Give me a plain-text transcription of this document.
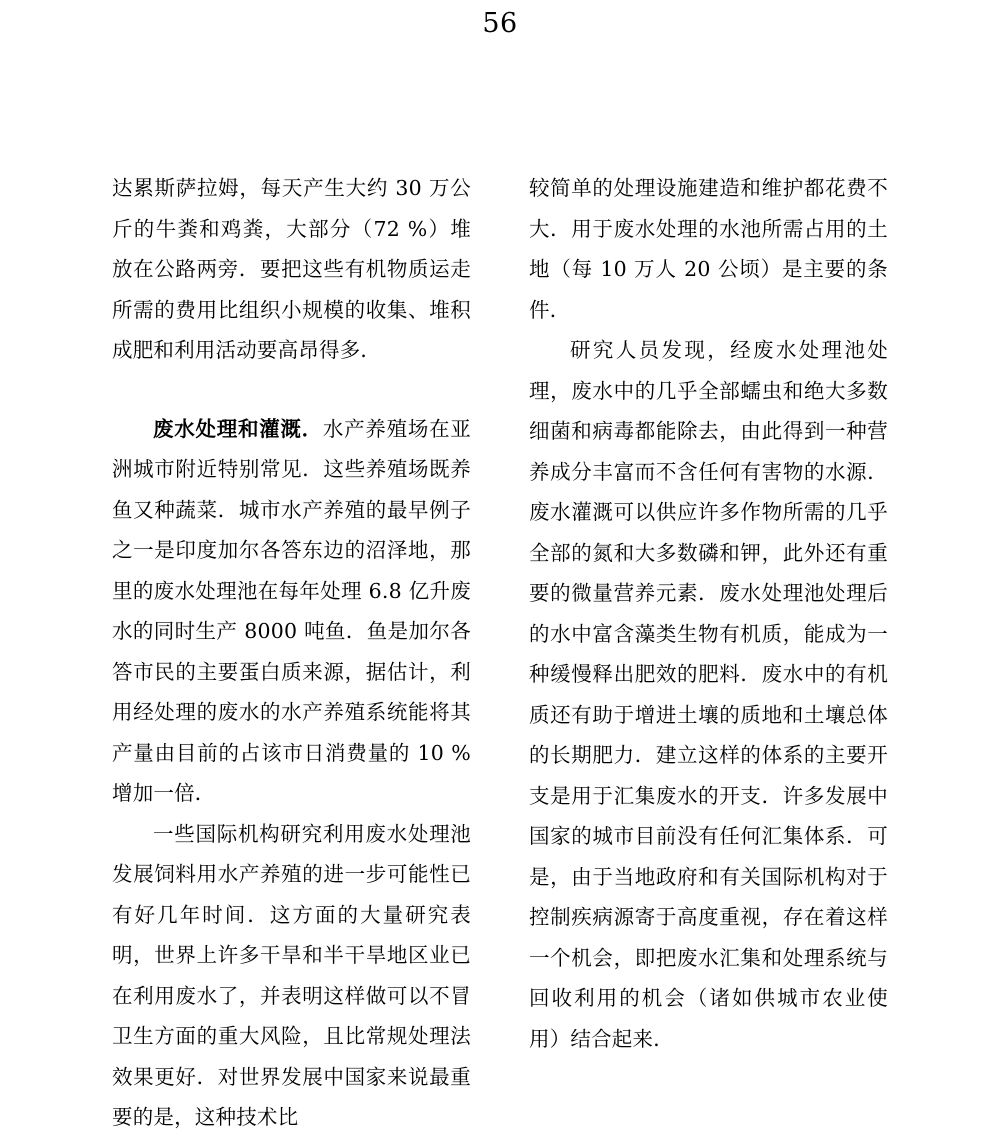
56

达累斯萨拉姆，每天产生大约 30 万公斤的牛粪和鸡粪，大部分（72 %）堆放在公路两旁．要把这些有机物质运走所需的费用比组织小规模的收集、堆积成肥和利用活动要高昂得多．

废水处理和灌溉．水产养殖场在亚洲城市附近特别常见．这些养殖场既养鱼又种蔬菜．城市水产养殖的最早例子之一是印度加尔各答东边的沼泽地，那里的废水处理池在每年处理 6.8 亿升废水的同时生产 8000 吨鱼．鱼是加尔各答市民的主要蛋白质来源，据估计，利用经处理的废水的水产养殖系统能将其产量由目前的占该市日消费量的 10 % 增加一倍．

一些国际机构研究利用废水处理池发展饲料用水产养殖的进一步可能性已有好几年时间．这方面的大量研究表明，世界上许多干旱和半干旱地区业已在利用废水了，并表明这样做可以不冒卫生方面的重大风险，且比常规处理法效果更好．对世界发展中国家来说最重要的是，这种技术比

较简单的处理设施建造和维护都花费不大．用于废水处理的水池所需占用的土地（每 10 万人 20 公顷）是主要的条件．

研究人员发现，经废水处理池处理，废水中的几乎全部蠕虫和绝大多数细菌和病毒都能除去，由此得到一种营养成分丰富而不含任何有害物的水源．废水灌溉可以供应许多作物所需的几乎全部的氮和大多数磷和钾，此外还有重要的微量营养元素．废水处理池处理后的水中富含藻类生物有机质，能成为一种缓慢释出肥效的肥料．废水中的有机质还有助于增进土壤的质地和土壤总体的长期肥力．建立这样的体系的主要开支是用于汇集废水的开支．许多发展中国家的城市目前没有任何汇集体系．可是，由于当地政府和有关国际机构对于控制疾病源寄于高度重视，存在着这样一个机会，即把废水汇集和处理系统与回收利用的机会（诸如供城市农业使用）结合起来．
